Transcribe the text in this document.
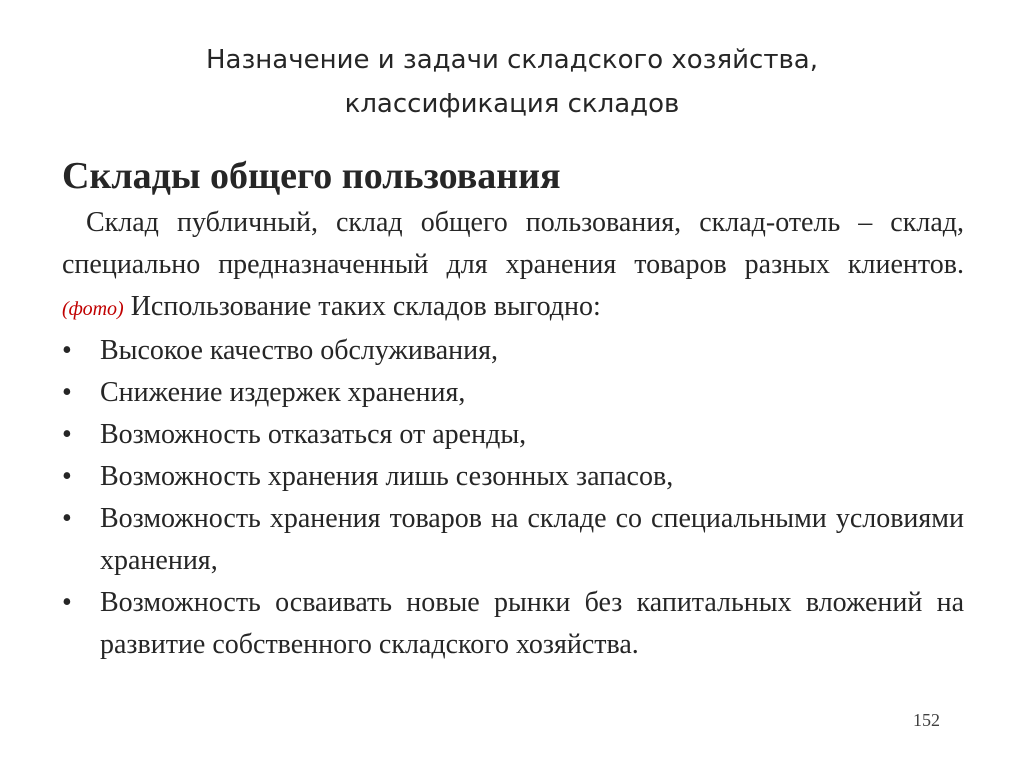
Назначение и задачи складского хозяйства,
классификация складов
Склады общего пользования

Склад публичный, склад общего пользования, склад-отель – склад, специально предназначенный для хранения товаров разных клиентов. (фото) Использование таких складов выгодно:

• Высокое качество обслуживания,
• Снижение издержек хранения,
• Возможность отказаться от аренды,
• Возможность хранения лишь сезонных запасов,
• Возможность хранения товаров на складе со специальными условиями хранения,
• Возможность осваивать новые рынки без капитальных вложений на развитие собственного складского хозяйства.
152
